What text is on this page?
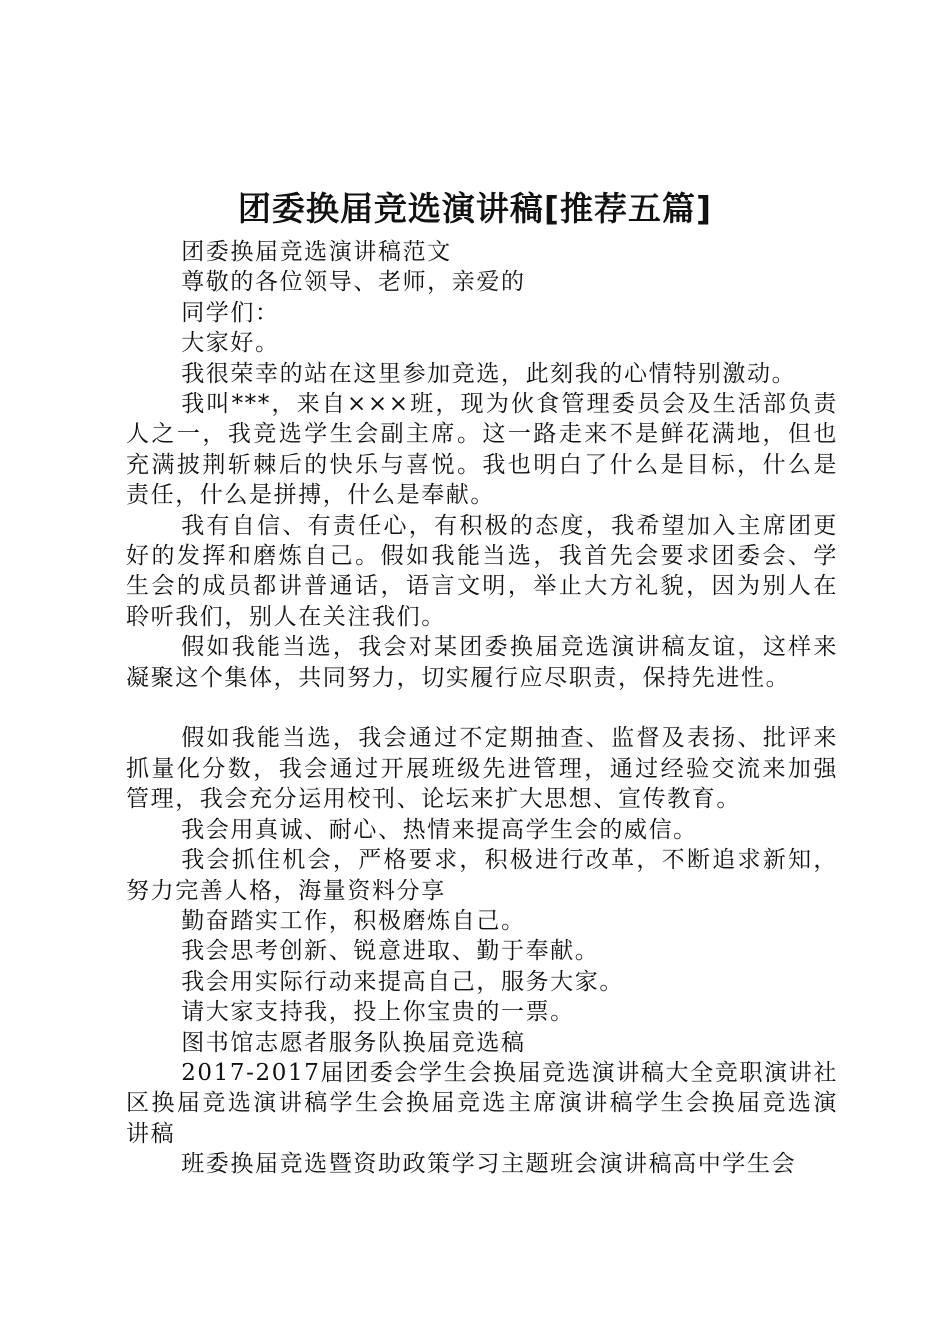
团委换届竞选演讲稿[推荐五篇]

团委换届竞选演讲稿范文

尊敬的各位领导、老师，亲爱的

同学们：

大家好。

我很荣幸的站在这里参加竞选，此刻我的心情特别激动。

我叫***，来自×××班，现为伙食管理委员会及生活部负责人之一，我竞选学生会副主席。这一路走来不是鲜花满地，但也充满披荆斩棘后的快乐与喜悦。我也明白了什么是目标，什么是责任，什么是拼搏，什么是奉献。

我有自信、有责任心，有积极的态度，我希望加入主席团更好的发挥和磨炼自己。假如我能当选，我首先会要求团委会、学生会的成员都讲普通话，语言文明，举止大方礼貌，因为别人在聆听我们，别人在关注我们。

假如我能当选，我会对某团委换届竞选演讲稿友谊，这样来凝聚这个集体，共同努力，切实履行应尽职责，保持先进性。

假如我能当选，我会通过不定期抽查、监督及表扬、批评来抓量化分数，我会通过开展班级先进管理，通过经验交流来加强管理，我会充分运用校刊、论坛来扩大思想、宣传教育。

我会用真诚、耐心、热情来提高学生会的威信。

我会抓住机会，严格要求，积极进行改革，不断追求新知，努力完善人格，海量资料分享

勤奋踏实工作，积极磨炼自己。

我会思考创新、锐意进取、勤于奉献。

我会用实际行动来提高自己，服务大家。

请大家支持我，投上你宝贵的一票。

图书馆志愿者服务队换届竞选稿

2017-2017届团委会学生会换届竞选演讲稿大全竞职演讲社区换届竞选演讲稿学生会换届竞选主席演讲稿学生会换届竞选演讲稿

班委换届竞选暨资助政策学习主题班会演讲稿高中学生会
